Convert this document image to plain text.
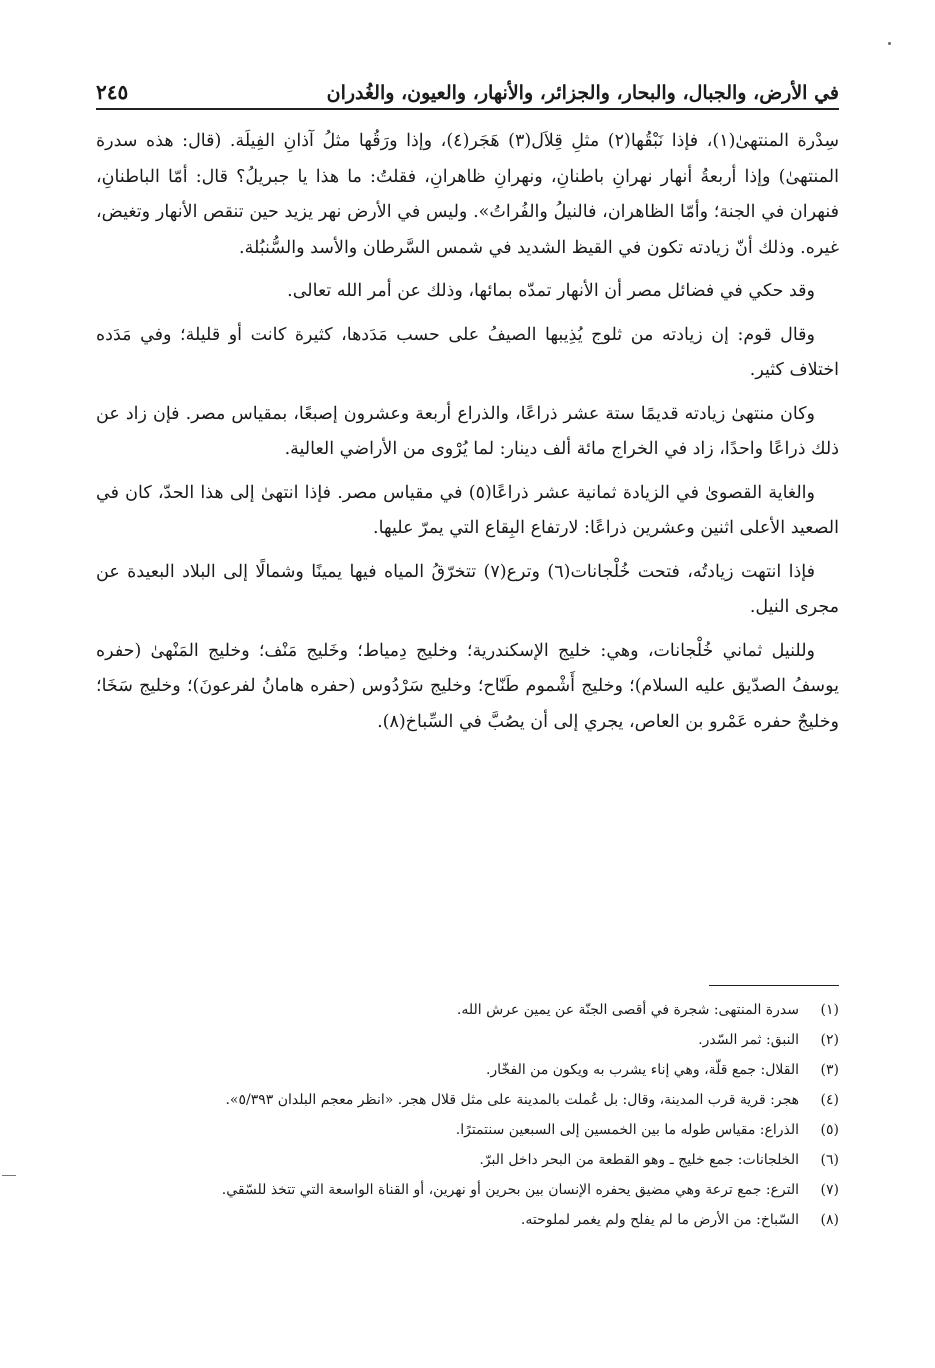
في الأرض، والجبال، والبحار، والجزائر، والأنهار، والعيون، والغُدران
٢٤٥

سِدْرة المنتهىٰ(١)، فإذا نَبْقُها(٢) مثلِ قِلاَل(٣) هَجَر(٤)، وإذا ورَقُها مثلُ آذانِ الفِيلَة. (قال: هذه سدرة المنتهىٰ) وإذا أربعةُ أنهار نهرانِ باطنانِ، ونهرانِ ظاهرانِ، فقلتُ: ما هذا يا جبريلُ؟ قال: أمّا الباطنانِ، فنهران في الجنة؛ وأمّا الظاهران، فالنيلُ والفُراتُ». وليس في الأرض نهر يزيد حين تنقص الأنهار وتغيض، غيره. وذلك أنّ زيادته تكون في القيظ الشديد في شمس السَّرطان والأسد والسُّنبُلة.

وقد حكي في فضائل مصر أن الأنهار تمدّه بمائها، وذلك عن أمر الله تعالى.

وقال قوم: إن زيادته من ثلوج يُذِيبها الصيفُ على حسب مَدَدها، كثيرة كانت أو قليلة؛ وفي مَدَده اختلاف كثير.

وكان منتهىٰ زيادته قديمًا ستة عشر ذراعًا، والذراع أربعة وعشرون إصبعًا، بمقياس مصر. فإن زاد عن ذلك ذراعًا واحدًا، زاد في الخراج مائة ألف دينار: لما يُرْوى من الأراضي العالية.

والغاية القصوىٰ في الزيادة ثمانية عشر ذراعًا(٥) في مقياس مصر. فإذا انتهىٰ إلى هذا الحدّ، كان في الصعيد الأعلى اثنين وعشرين ذراعًا: لارتفاع البِقاع التي يمرّ عليها.

فإذا انتهت زيادتُه، فتحت خُلْجانات(٦) وترع(٧) تتخرّقُ المياه فيها يمينًا وشمالًا إلى البلاد البعيدة عن مجرى النيل.

وللنيل ثماني خُلْجانات، وهي: خليج الإسكندرية؛ وخليج دِمياط؛ وخَليج مَنْف؛ وخليج المَنْهىٰ (حفره يوسفُ الصدّيق عليه السلام)؛ وخليج أَشْموم طَنّاح؛ وخليج سَرْدُوس (حفره هامانُ لفرعونَ)؛ وخليج سَخَا؛ وخليجٌ حفره عَمْرو بن العاص، يجري إلى أن يصُبَّ في السِّباخ(٨).

(١)
سدرة المنتهى: شجرة في أقصى الجنّة عن يمين عرش الله.
(٢)
النبق: ثمر السّدر.
(٣)
القلال: جمع قلّة، وهي إناء يشرب به ويكون من الفخّار.
(٤)
هجر: قرية قرب المدينة، وقال: بل عُملت بالمدينة على مثل قلال هجر. «انظر معجم البلدان ٥/٣٩٣».
(٥)
الذراع: مقياس طوله ما بين الخمسين إلى السبعين سنتمترًا.
(٦)
الخلجانات: جمع خليج ـ وهو القطعة من البحر داخل البرّ.
(٧)
الترع: جمع ترعة وهي مضيق يحفره الإنسان بين بحرين أو نهرين، أو القناة الواسعة التي تتخذ للسّقي.
(٨)
السّباخ: من الأرض ما لم يفلح ولم يغمر لملوحته.
